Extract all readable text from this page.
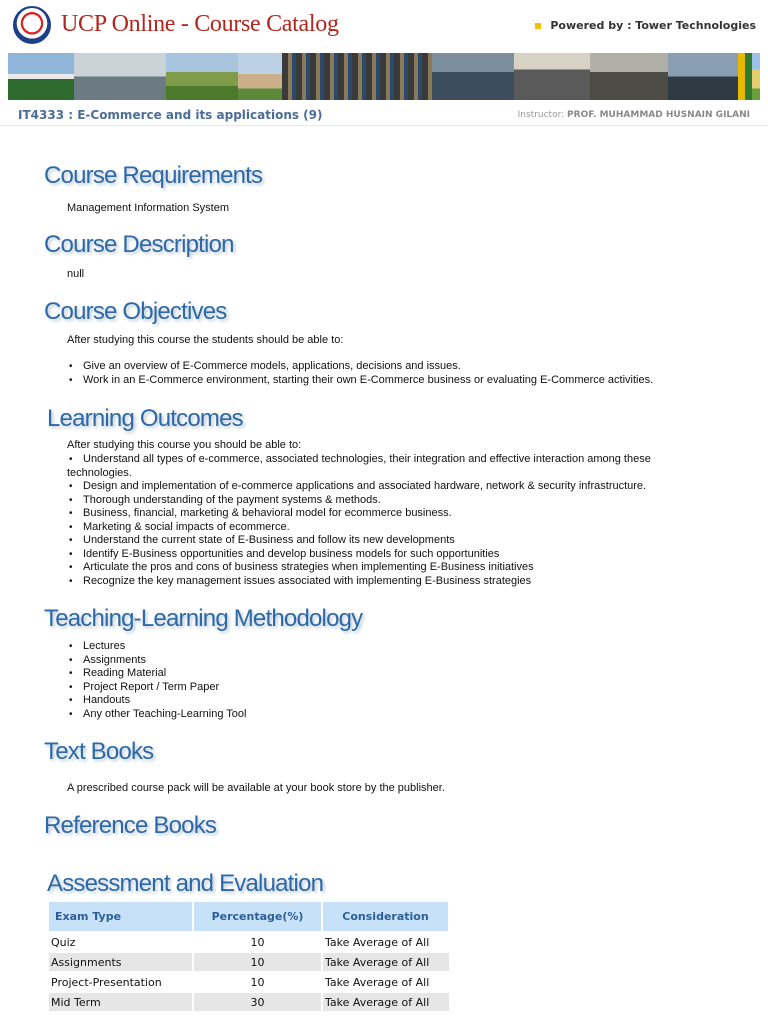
UCP Online - Course Catalog	Powered by : Tower Technologies
IT4333 : E-Commerce and its applications (9)	Instructor: PROF. MUHAMMAD HUSNAIN GILANI
Course Requirements
Management Information System
Course Description
null
Course Objectives
After studying this course the students should be able to:
• Give an overview of E-Commerce models, applications, decisions and issues.
• Work in an E-Commerce environment, starting their own E-Commerce business or evaluating E-Commerce activities.
Learning Outcomes
After studying this course you should be able to:
• Understand all types of e-commerce, associated technologies, their integration and effective interaction among these technologies.
• Design and implementation of e-commerce applications and associated hardware, network & security infrastructure.
• Thorough understanding of the payment systems & methods.
• Business, financial, marketing & behavioral model for ecommerce business.
• Marketing & social impacts of ecommerce.
• Understand the current state of E-Business and follow its new developments
• Identify E-Business opportunities and develop business models for such opportunities
• Articulate the pros and cons of business strategies when implementing E-Business initiatives
• Recognize the key management issues associated with implementing E-Business strategies
Teaching-Learning Methodology
• Lectures
• Assignments
• Reading Material
• Project Report / Term Paper
• Handouts
• Any other Teaching-Learning Tool
Text Books
A prescribed course pack will be available at your book store by the publisher.
Reference Books
Assessment and Evaluation
Exam Type	Percentage(%)	Consideration
Quiz	10	Take Average of All
Assignments	10	Take Average of All
Project-Presentation	10	Take Average of All
Mid Term	30	Take Average of All
